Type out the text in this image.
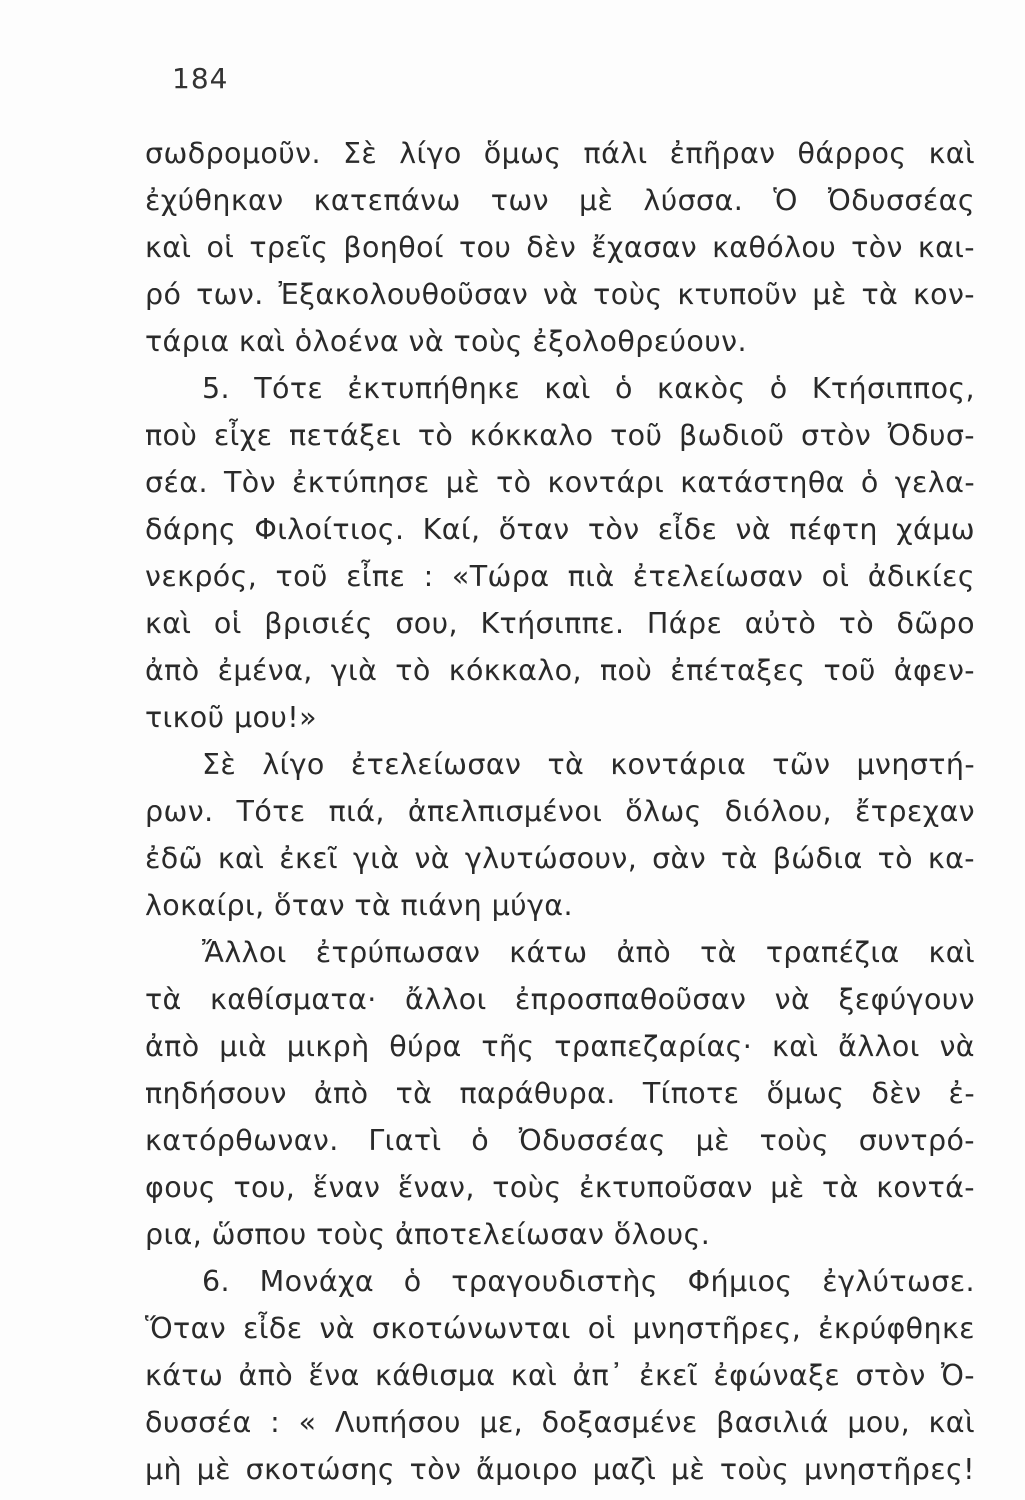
184
σωδρομοῦν. Σὲ λίγο ὅμως πάλι ἐπῆραν θάρρος καὶ
ἐχύθηκαν κατεπάνω των μὲ λύσσα. Ὁ Ὀδυσσέας
καὶ οἱ τρεῖς βοηθοί του δὲν ἔχασαν καθόλου τὸν και-
ρό των. Ἐξακολουθοῦσαν νὰ τοὺς κτυποῦν μὲ τὰ κον-
τάρια καὶ ὁλοένα νὰ τοὺς ἐξολοθρεύουν.
5. Τότε ἐκτυπήθηκε καὶ ὁ κακὸς ὁ Κτήσιππος,
ποὺ εἶχε πετάξει τὸ κόκκαλο τοῦ βωδιοῦ στὸν Ὀδυσ-
σέα. Τὸν ἐκτύπησε μὲ τὸ κοντάρι κατάστηθα ὁ γελα-
δάρης Φιλοίτιος. Καί, ὅταν τὸν εἶδε νὰ πέφτη χάμω
νεκρός, τοῦ εἶπε : «Τώρα πιὰ ἐτελείωσαν οἱ ἀδικίες
καὶ οἱ βρισιές σου, Κτήσιππε. Πάρε αὐτὸ τὸ δῶρο
ἀπὸ ἐμένα, γιὰ τὸ κόκκαλο, ποὺ ἐπέταξες τοῦ ἀφεν-
τικοῦ μου!»
Σὲ λίγο ἐτελείωσαν τὰ κοντάρια τῶν μνηστή-
ρων. Τότε πιά, ἀπελπισμένοι ὅλως διόλου, ἔτρεχαν
ἐδῶ καὶ ἐκεῖ γιὰ νὰ γλυτώσουν, σὰν τὰ βώδια τὸ κα-
λοκαίρι, ὅταν τὰ πιάνη μύγα.
Ἄλλοι ἐτρύπωσαν κάτω ἀπὸ τὰ τραπέζια καὶ
τὰ καθίσματα· ἄλλοι ἐπροσπαθοῦσαν νὰ ξεφύγουν
ἀπὸ μιὰ μικρὴ θύρα τῆς τραπεζαρίας· καὶ ἄλλοι νὰ
πηδήσουν ἀπὸ τὰ παράθυρα. Τίποτε ὅμως δὲν ἐ-
κατόρθωναν. Γιατὶ ὁ Ὀδυσσέας μὲ τοὺς συντρό-
φους του, ἕναν ἕναν, τοὺς ἐκτυποῦσαν μὲ τὰ κοντά-
ρια, ὥσπου τοὺς ἀποτελείωσαν ὅλους.
6. Μονάχα ὁ τραγουδιστὴς Φήμιος ἐγλύτωσε.
Ὅταν εἶδε νὰ σκοτώνωνται οἱ μνηστῆρες, ἐκρύφθηκε
κάτω ἀπὸ ἕνα κάθισμα καὶ ἀπ᾽ ἐκεῖ ἐφώναξε στὸν Ὀ-
δυσσέα : « Λυπήσου με, δοξασμένε βασιλιά μου, καὶ
μὴ μὲ σκοτώσης τὸν ἄμοιρο μαζὶ μὲ τοὺς μνηστῆρες!
